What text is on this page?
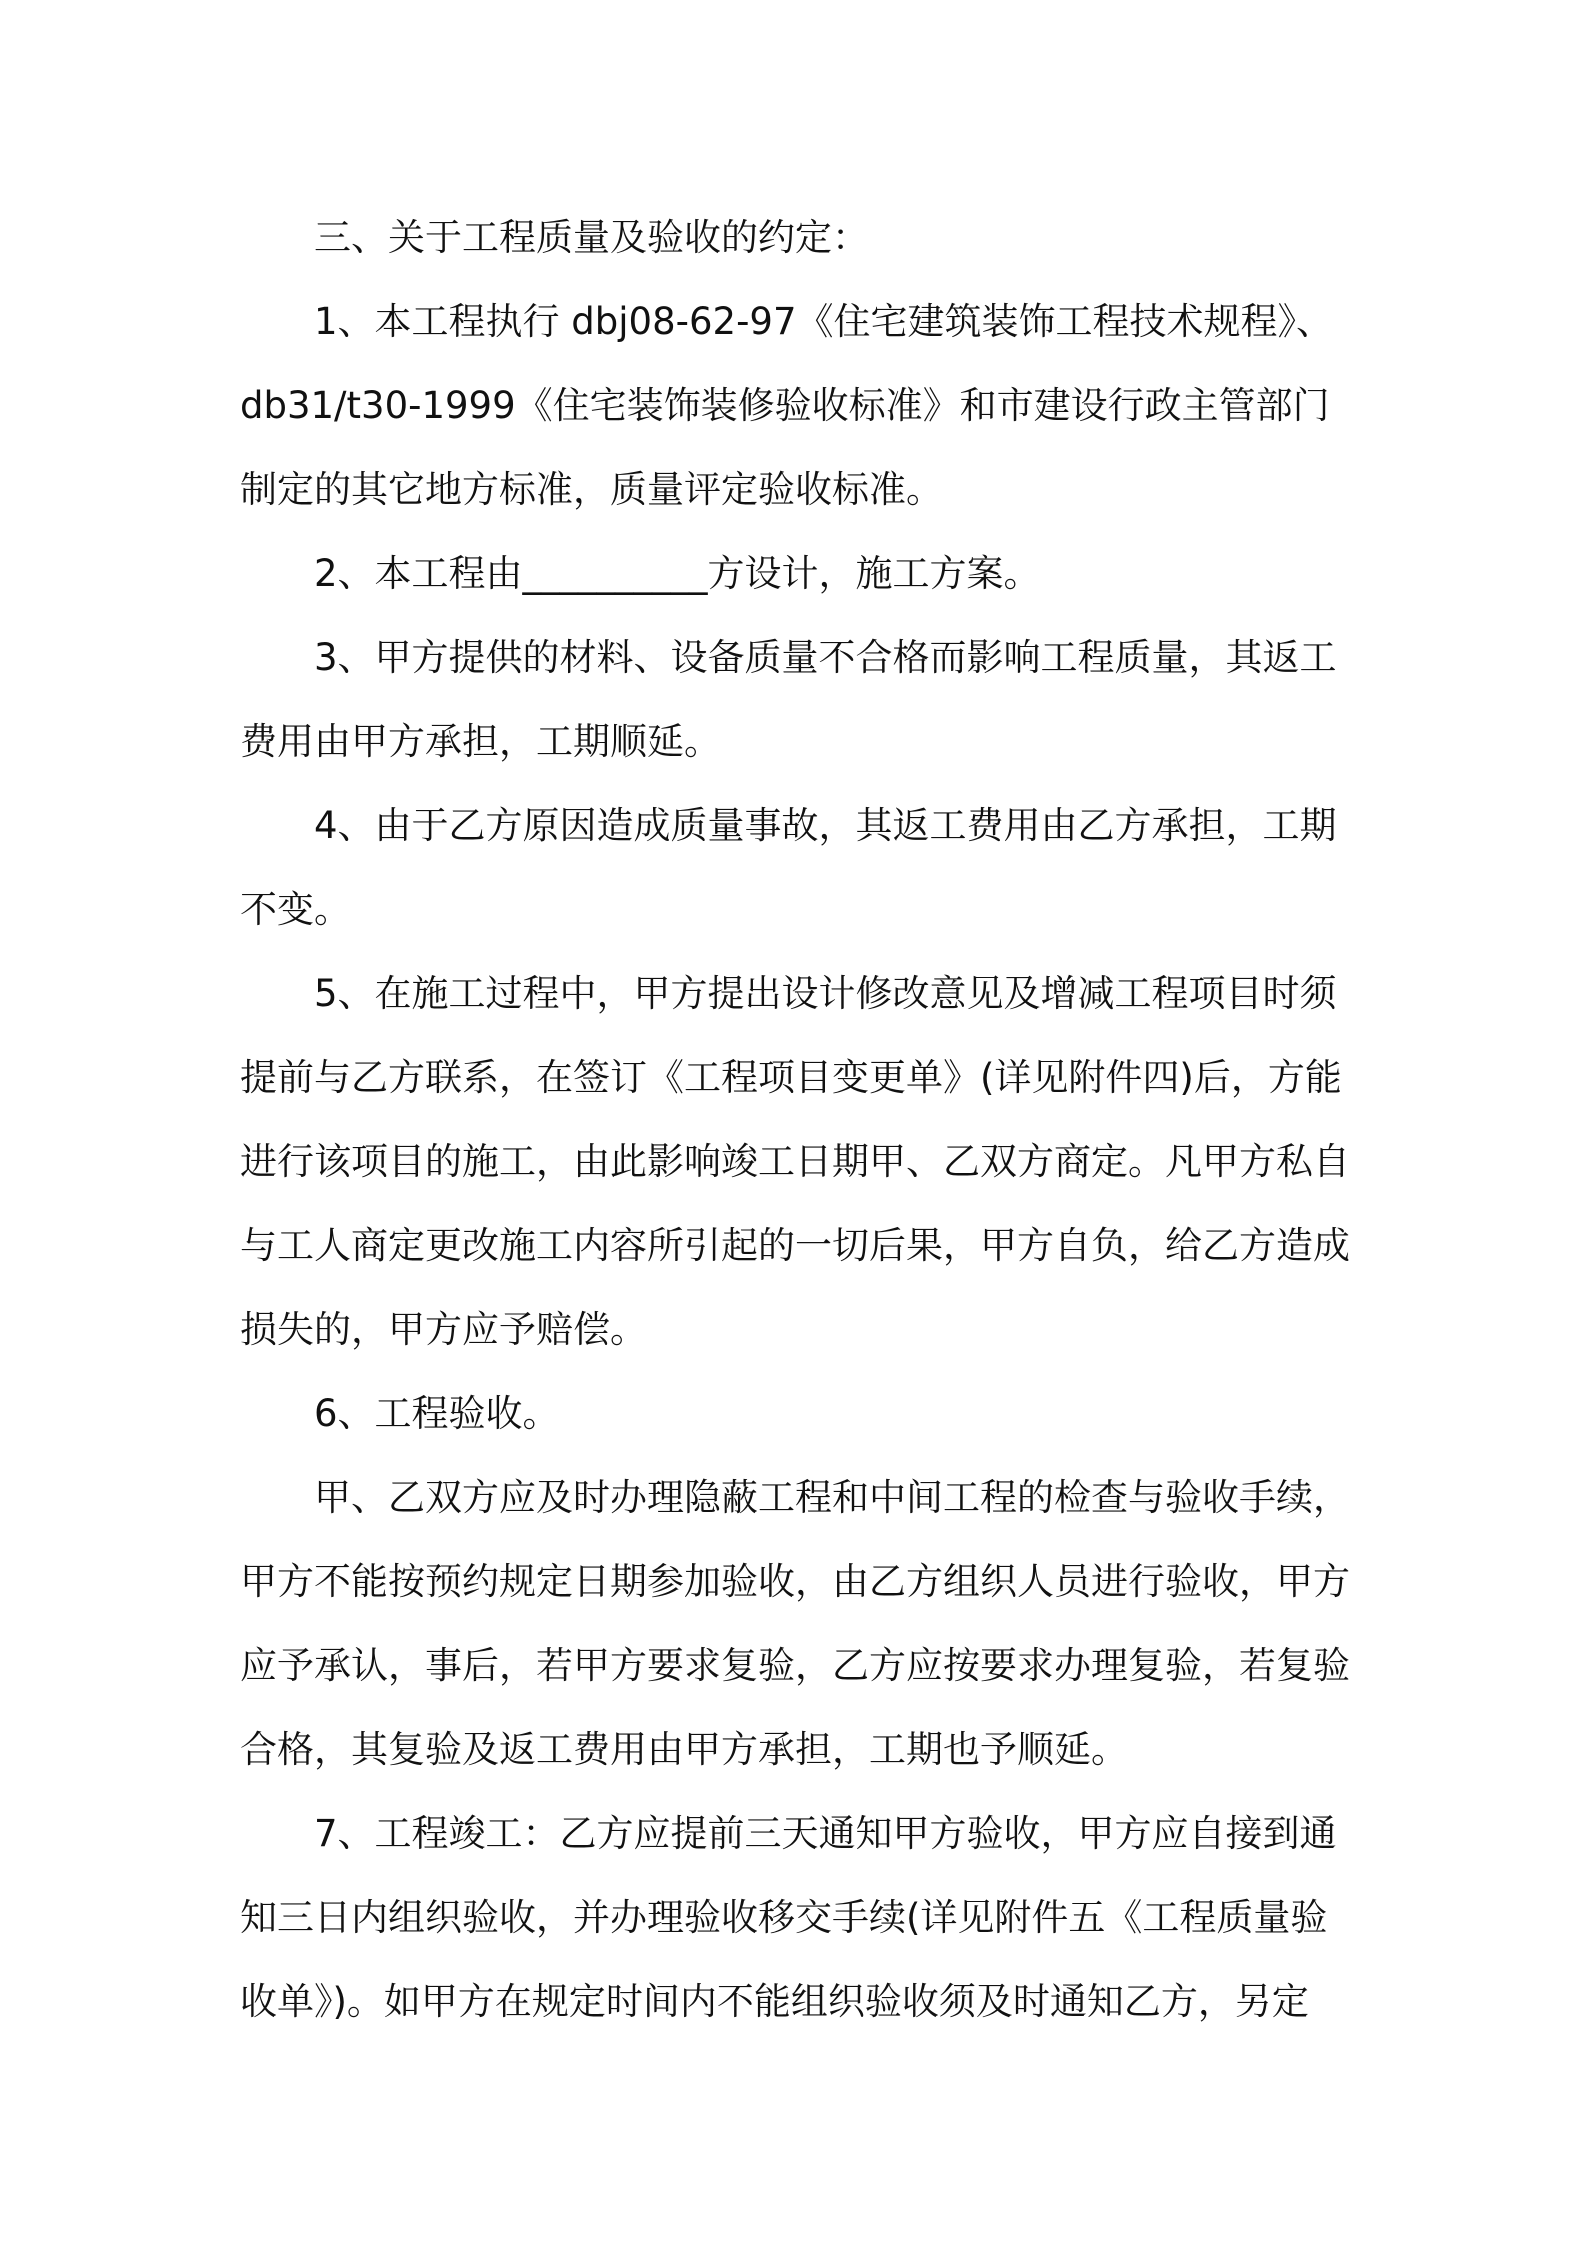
三、关于工程质量及验收的约定：

1、本工程执行 dbj08-62-97《住宅建筑装饰工程技术规程》、db31/t30-1999《住宅装饰装修验收标准》和市建设行政主管部门制定的其它地方标准，质量评定验收标准。

2、本工程由__________方设计，施工方案。

3、甲方提供的材料、设备质量不合格而影响工程质量，其返工费用由甲方承担，工期顺延。

4、由于乙方原因造成质量事故，其返工费用由乙方承担，工期不变。

5、在施工过程中，甲方提出设计修改意见及增减工程项目时须提前与乙方联系，在签订《工程项目变更单》(详见附件四)后，方能进行该项目的施工，由此影响竣工日期甲、乙双方商定。凡甲方私自与工人商定更改施工内容所引起的一切后果，甲方自负，给乙方造成损失的，甲方应予赔偿。

6、工程验收。

甲、乙双方应及时办理隐蔽工程和中间工程的检查与验收手续，甲方不能按预约规定日期参加验收，由乙方组织人员进行验收，甲方应予承认，事后，若甲方要求复验，乙方应按要求办理复验，若复验合格，其复验及返工费用由甲方承担，工期也予顺延。

7、工程竣工：乙方应提前三天通知甲方验收，甲方应自接到通知三日内组织验收，并办理验收移交手续(详见附件五《工程质量验收单》)。如甲方在规定时间内不能组织验收须及时通知乙方，另定
